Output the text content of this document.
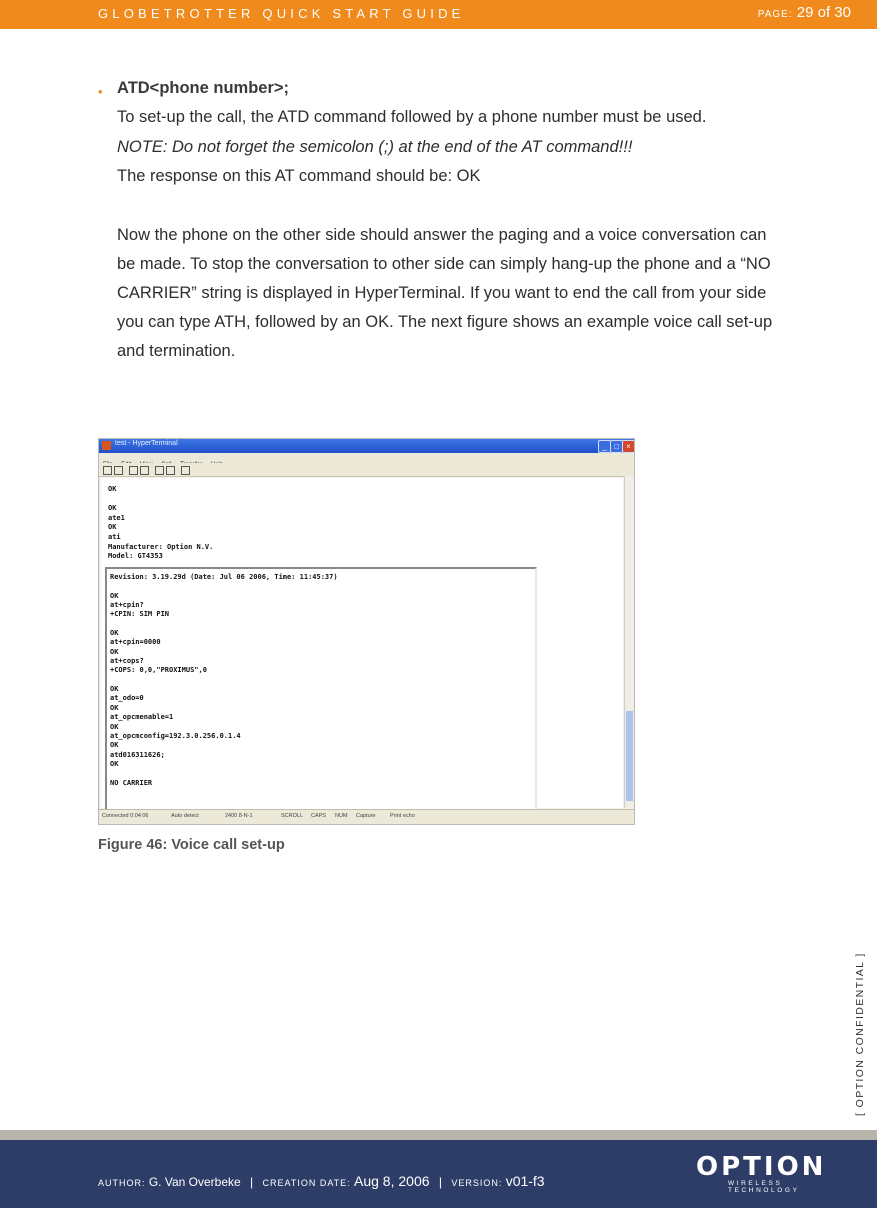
GLOBETROTTER QUICK START GUIDE	PAGE: 29 of 30
• ATD<phone number>;
To set-up the call, the ATD command followed by a phone number must be used.
NOTE: Do not forget the semicolon (;) at the end of the AT command!!!
The response on this AT command should be: OK
Now the phone on the other side should answer the paging and a voice conversation can be made. To stop the conversation to other side can simply hang-up the phone and a “NO CARRIER” string is displayed in HyperTerminal. If you want to end the call from your side you can type ATH, followed by an OK. The next figure shows an example voice call set-up and termination.
test - HyperTerminal	_ □ ×
OK

OK
ate1
OK
ati
Manufacturer: Option N.V.
Model: GT4353
Revision: 3.19.29d (Date: Jul 06 2006, Time: 11:45:37)

OK
at+cpin?
+CPIN: SIM PIN

OK
at+cpin=0000
OK
at+cops?
+COPS: 0,0,"PROXIMUS",0

OK
at_odo=0
OK
at_opcmenable=1
OK
at_opcmconfig=192.3.0.256.0.1.4
OK
atd016311626;
OK

NO CARRIER
Connected 0:04:06	Auto detect	2400 8-N-1	SCROLL CAPS NUM Capture	Print echo
Figure 46: Voice call set-up
[ OPTION CONFIDENTIAL ]
AUTHOR: G. Van Overbeke | CREATION DATE: Aug 8, 2006 | VERSION: v01-f3	OPTION
WIRELESS TECHNOLOGY
